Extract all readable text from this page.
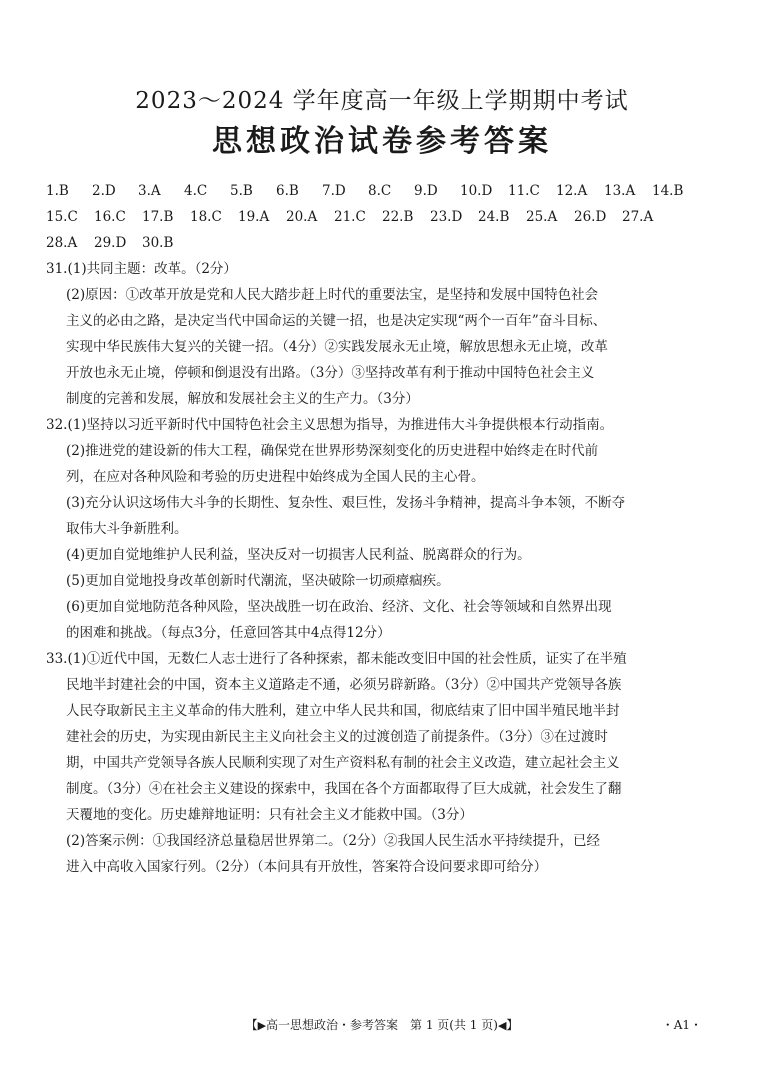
2023～2024 学年度高一年级上学期期中考试
思想政治试卷参考答案
1.B 2.D 3.A 4.C 5.B 6.B 7.D 8.C 9.D 10.D 11.C 12.A 13.A 14.B
15.C 16.C 17.B 18.C 19.A 20.A 21.C 22.B 23.D 24.B 25.A 26.D 27.A
28.A 29.D 30.B
31.(1)共同主题：改革。（2分）
(2)原因：①改革开放是党和人民大踏步赶上时代的重要法宝，是坚持和发展中国特色社会
主义的必由之路，是决定当代中国命运的关键一招，也是决定实现“两个一百年”奋斗目标、
实现中华民族伟大复兴的关键一招。（4分）②实践发展永无止境，解放思想永无止境，改革
开放也永无止境，停顿和倒退没有出路。（3分）③坚持改革有利于推动中国特色社会主义
制度的完善和发展，解放和发展社会主义的生产力。（3分）
32.(1)坚持以习近平新时代中国特色社会主义思想为指导，为推进伟大斗争提供根本行动指南。
(2)推进党的建设新的伟大工程，确保党在世界形势深刻变化的历史进程中始终走在时代前
列，在应对各种风险和考验的历史进程中始终成为全国人民的主心骨。
(3)充分认识这场伟大斗争的长期性、复杂性、艰巨性，发扬斗争精神，提高斗争本领，不断夺
取伟大斗争新胜利。
(4)更加自觉地维护人民利益，坚决反对一切损害人民利益、脱离群众的行为。
(5)更加自觉地投身改革创新时代潮流，坚决破除一切顽瘴痼疾。
(6)更加自觉地防范各种风险，坚决战胜一切在政治、经济、文化、社会等领域和自然界出现
的困难和挑战。（每点3分，任意回答其中4点得12分）
33.(1)①近代中国，无数仁人志士进行了各种探索，都未能改变旧中国的社会性质，证实了在半殖
民地半封建社会的中国，资本主义道路走不通，必须另辟新路。（3分）②中国共产党领导各族
人民夺取新民主主义革命的伟大胜利，建立中华人民共和国，彻底结束了旧中国半殖民地半封
建社会的历史，为实现由新民主主义向社会主义的过渡创造了前提条件。（3分）③在过渡时
期，中国共产党领导各族人民顺利实现了对生产资料私有制的社会主义改造，建立起社会主义
制度。（3分）④在社会主义建设的探索中，我国在各个方面都取得了巨大成就，社会发生了翻
天覆地的变化。历史雄辩地证明：只有社会主义才能救中国。（3分）
(2)答案示例：①我国经济总量稳居世界第二。（2分）②我国人民生活水平持续提升，已经
进入中高收入国家行列。（2分）（本问具有开放性，答案符合设问要求即可给分）
【▶高一思想政治・参考答案　第 1 页(共 1 页)◀】	・A1・
